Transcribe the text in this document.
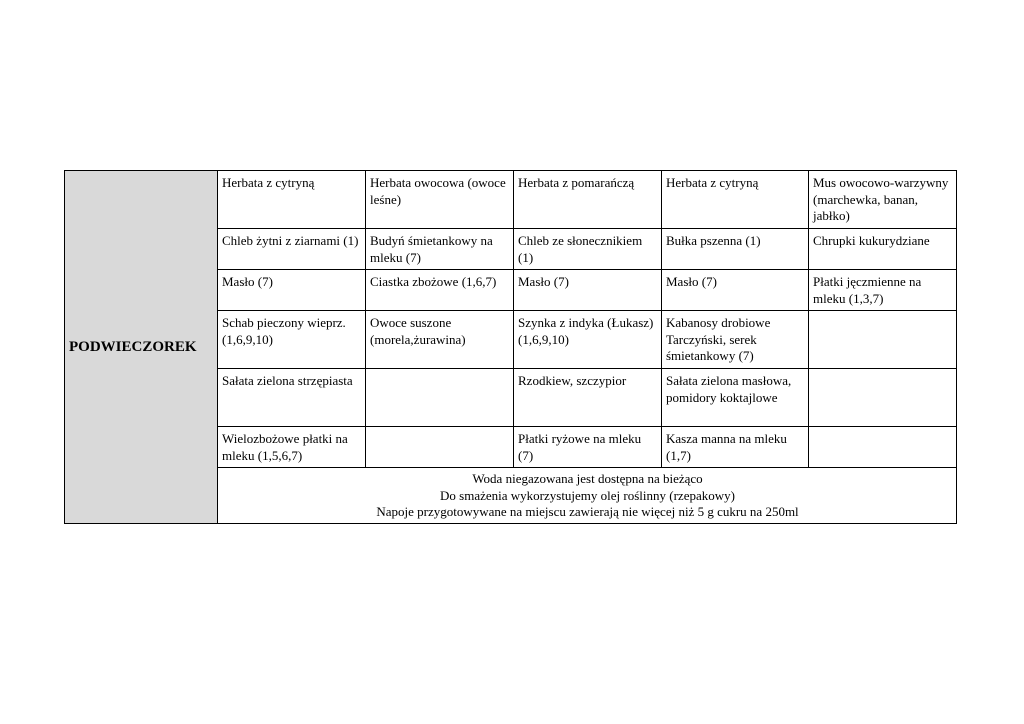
PODWIECZOREK	Herbata z cytryną	Herbata owocowa (owoce leśne)	Herbata z pomarańczą	Herbata z cytryną	Mus owocowo-warzywny (marchewka, banan, jabłko)
	Chleb żytni z ziarnami (1)	Budyń śmietankowy na mleku (7)	Chleb ze słonecznikiem (1)	Bułka pszenna (1)	Chrupki kukurydziane
	Masło (7)	Ciastka zbożowe (1,6,7)	Masło (7)	Masło (7)	Płatki jęczmienne na mleku (1,3,7)
	Schab pieczony wieprz. (1,6,9,10)	Owoce suszone (morela,żurawina)	Szynka z indyka (Łukasz)(1,6,9,10)	Kabanosy drobiowe Tarczyński, serek śmietankowy (7)	
	Sałata zielona strzępiasta		Rzodkiew, szczypior	Sałata zielona masłowa, pomidory koktajlowe	
	Wielozbożowe płatki na mleku (1,5,6,7)		Płatki ryżowe na mleku (7)	Kasza manna na mleku (1,7)	

	Woda niegazowana jest dostępna na bieżąco
Do smażenia wykorzystujemy olej roślinny (rzepakowy)
Napoje przygotowywane na miejscu zawierają nie więcej niż 5 g cukru na 250ml				
